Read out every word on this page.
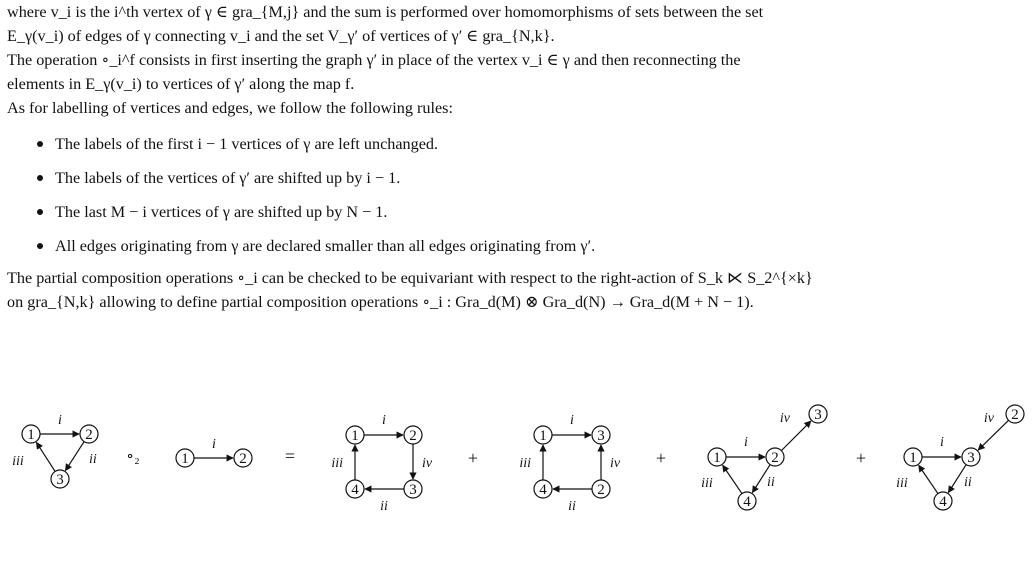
where v_i is the i^th vertex of γ ∈ gra_{M,j} and the sum is performed over homomorphisms of sets between the set
E_γ(v_i) of edges of γ connecting v_i and the set V_γ′ of vertices of γ′ ∈ gra_{N,k}.
The operation ∘_i^f consists in first inserting the graph γ′ in place of the vertex v_i ∈ γ and then reconnecting the
elements in E_γ(v_i) to vertices of γ′ along the map f.
As for labelling of vertices and edges, we follow the following rules:
The labels of the first i − 1 vertices of γ are left unchanged.
The labels of the vertices of γ′ are shifted up by i − 1.
The last M − i vertices of γ are shifted up by N − 1.
All edges originating from γ are declared smaller than all edges originating from γ′.
The partial composition operations ∘_i can be checked to be equivariant with respect to the right-action of S_k ⋉ S_2^{×k}
on gra_{N,k} allowing to define partial composition operations ∘_i : Gra_d(M) ⊗ Gra_d(N) → Gra_d(M + N − 1).
1	2
3
i
ii
iii	∘₂	1	2
i
=
1	2
3
4
i
iv
ii
iii	+
1	3
2
4
i
iv
ii
iii	+	1	2
4
3
i
ii
iii
iv
+	1	3
4
2
i
ii
iii
iv
